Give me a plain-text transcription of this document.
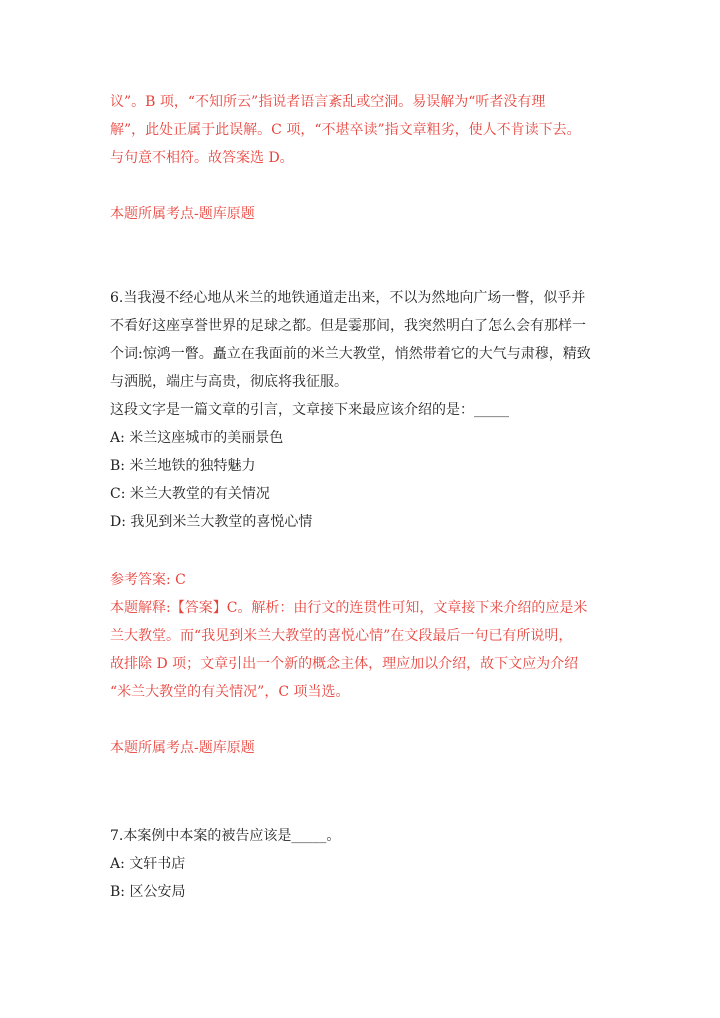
议”。B 项，“不知所云”指说者语言紊乱或空洞。易误解为“听者没有理
解”，此处正属于此误解。C 项，“不堪卒读”指文章粗劣，使人不肯读下去。
与句意不相符。故答案选 D。
本题所属考点-题库原题
6.当我漫不经心地从米兰的地铁通道走出来，不以为然地向广场一瞥，似乎并
不看好这座享誉世界的足球之都。但是霎那间，我突然明白了怎么会有那样一
个词:惊鸿一瞥。矗立在我面前的米兰大教堂，悄然带着它的大气与肃穆，精致
与洒脱，端庄与高贵，彻底将我征服。
这段文字是一篇文章的引言，文章接下来最应该介绍的是：_____
A: 米兰这座城市的美丽景色
B: 米兰地铁的独特魅力
C: 米兰大教堂的有关情况
D: 我见到米兰大教堂的喜悦心情
参考答案: C
本题解释:【答案】C。解析：由行文的连贯性可知，文章接下来介绍的应是米
兰大教堂。而“我见到米兰大教堂的喜悦心情”在文段最后一句已有所说明，
故排除 D 项；文章引出一个新的概念主体，理应加以介绍，故下文应为介绍
“米兰大教堂的有关情况”，C 项当选。
本题所属考点-题库原题
7.本案例中本案的被告应该是_____。
A: 文轩书店
B: 区公安局
